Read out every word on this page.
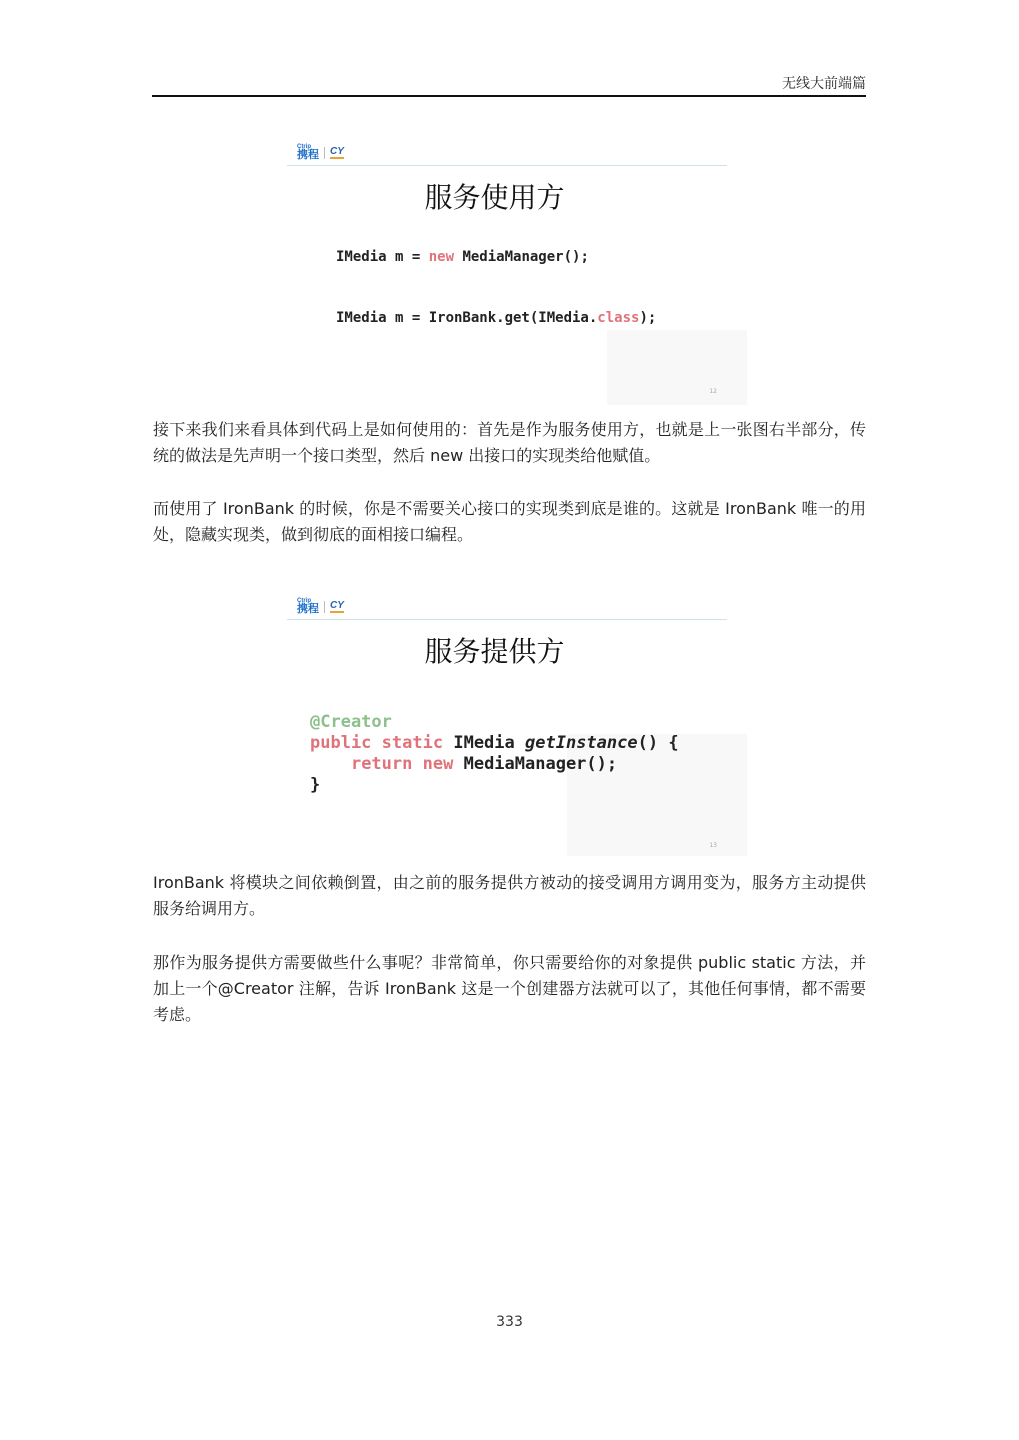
无线大前端篇
Ctrip
携程 CY
服务使用方
IMedia m = new MediaManager();
IMedia m = IronBank.get(IMedia.class);
12

接下来我们来看具体到代码上是如何使用的：首先是作为服务使用方，也就是上一张图右半部分，传统的做法是先声明一个接口类型，然后 new 出接口的实现类给他赋值。

而使用了 IronBank 的时候，你是不需要关心接口的实现类到底是谁的。这就是 IronBank 唯一的用处，隐藏实现类，做到彻底的面相接口编程。

Ctrip
携程 CY
服务提供方
@Creator
public static IMedia getInstance() {
return new MediaManager();
}
13

IronBank 将模块之间依赖倒置，由之前的服务提供方被动的接受调用方调用变为，服务方主动提供服务给调用方。

那作为服务提供方需要做些什么事呢？非常简单，你只需要给你的对象提供 public static 方法，并加上一个@Creator 注解，告诉 IronBank 这是一个创建器方法就可以了，其他任何事情，都不需要考虑。

333
